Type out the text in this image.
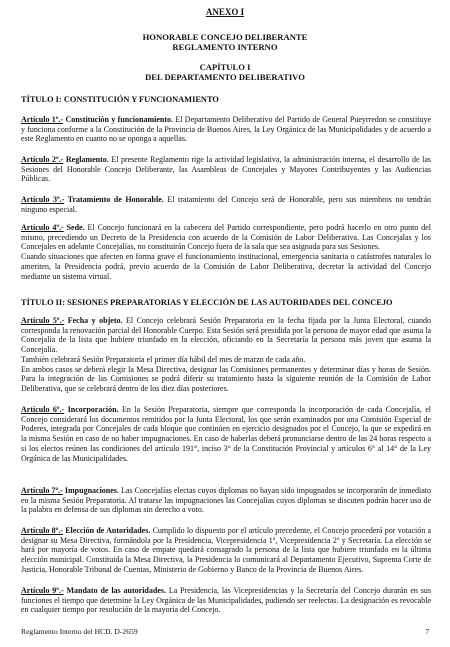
ANEXO I
HONORABLE CONCEJO DELIBERANTE
REGLAMENTO INTERNO
CAPÍTULO I
DEL DEPARTAMENTO DELIBERATIVO
TÍTULO I: CONSTITUCIÓN Y FUNCIONAMIENTO
Artículo 1º.- Constitución y funcionamiento. El Departamento Deliberativo del Partido de General Pueyrredon se constituye y funciona conforme a la Constitución de la Provincia de Buenos Aires, la Ley Orgánica de las Municipalidades y de acuerdo a este Reglamento en cuanto no se oponga a aquellas.
Artículo 2º.- Reglamento. El presente Reglamento rige la actividad legislativa, la administración interna, el desarrollo de las Sesiones del Honorable Concejo Deliberante, las Asambleas de Concejales y Mayores Contribuyentes y las Audiencias Públicas.
Artículo 3º.- Tratamiento de Honorable. El tratamiento del Concejo será de Honorable, pero sus miembros no tendrán ninguno especial.
Artículo 4º.- Sede. El Concejo funcionará en la cabecera del Partido correspondiente, pero podrá hacerlo en otro punto del mismo, precediendo un Decreto de la Presidencia con acuerdo de la Comisión de Labor Deliberativa. Las Concejalas y los Concejales en adelante Concejalías, no constituirán Concejo fuera de la sala que sea asignada para sus Sesiones.
Cuando situaciones que afecten en forma grave el funcionamiento institucional, emergencia sanitaria o catástrofes naturales lo ameriten, la Presidencia podrá, previo acuerdo de la Comisión de Labor Deliberativa, decretar la actividad del Concejo mediante un sistema virtual.
TÍTULO II: SESIONES PREPARATORIAS Y ELECCIÓN DE LAS AUTORIDADES DEL CONCEJO
Artículo 5º.- Fecha y objeto. El Concejo celebrará Sesión Preparatoria en la fecha fijada por la Junta Electoral, cuando corresponda la renovación parcial del Honorable Cuerpo. Esta Sesión será presidida por la persona de mayor edad que asuma la Concejalía de la lista que hubiere triunfado en la elección, oficiando en la Secretaría la persona más joven que asuma la Concejalía.
También celebrará Sesión Preparatoria el primer día hábil del mes de marzo de cada año.
En ambos casos se deberá elegir la Mesa Directiva, designar las Comisiones permanentes y determinar días y horas de Sesión. Para la integración de las Comisiones se podrá diferir su tratamiento hasta la siguiente reunión de la Comisión de Labor Deliberativa, que se celebrará dentro de los diez días posteriores.
Artículo 6º.- Incorporación. En la Sesión Preparatoria, siempre que corresponda la incorporación de cada Concejalía, el Concejo considerará los documentos remitidos por la Junta Electoral, los que serán examinados por una Comisión Especial de Poderes, integrada por Concejales de cada bloque que continúen en ejercicio designados por el Concejo, la que se expedirá en la misma Sesión en caso de no haber impugnaciones. En caso de haberlas deberá pronunciarse dentro de las 24 horas respecto a si los electos reúnen las condiciones del artículo 191°, inciso 3° de la Constitución Provincial y artículos 6° al 14° de la Ley Orgánica de las Municipalidades.
Artículo 7º.- Impugnaciones. Las Concejalías electas cuyos diplomas no hayan sido impugnados se incorporarán de inmediato en la misma Sesión Preparatoria. Al tratarse las impugnaciones las Concejalías cuyos diplomas se discuten podrán hacer uso de la palabra en defensa de sus diplomas sin derecho a voto.
Artículo 8º.- Elección de Autoridades. Cumplido lo dispuesto por el artículo precedente, el Concejo procederá por votación a designar su Mesa Directiva, formándola por la Presidencia, Vicepresidencia 1º, Vicepresidencia 2º y Secretaría. La elección se hará por mayoría de votos. En caso de empate quedará consagrado la persona de la lista que hubiere triunfado en la última elección municipal. Constituida la Mesa Directiva, la Presidencia lo comunicará al Departamento Ejecutivo, Suprema Corte de Justicia, Honorable Tribunal de Cuentas, Ministerio de Gobierno y Banco de la Provincia de Buenos Aires.
Artículo 9º.- Mandato de las autoridades. La Presidencia, las Vicepresidencias y la Secretaría del Concejo durarán en sus funciones el tiempo que determine la Ley Orgánica de las Municipalidades, pudiendo ser reelectas. La designación es revocable en cualquier tiempo por resolución de la mayoría del Concejo.
Reglamento Interno del HCD. D-2659	7
